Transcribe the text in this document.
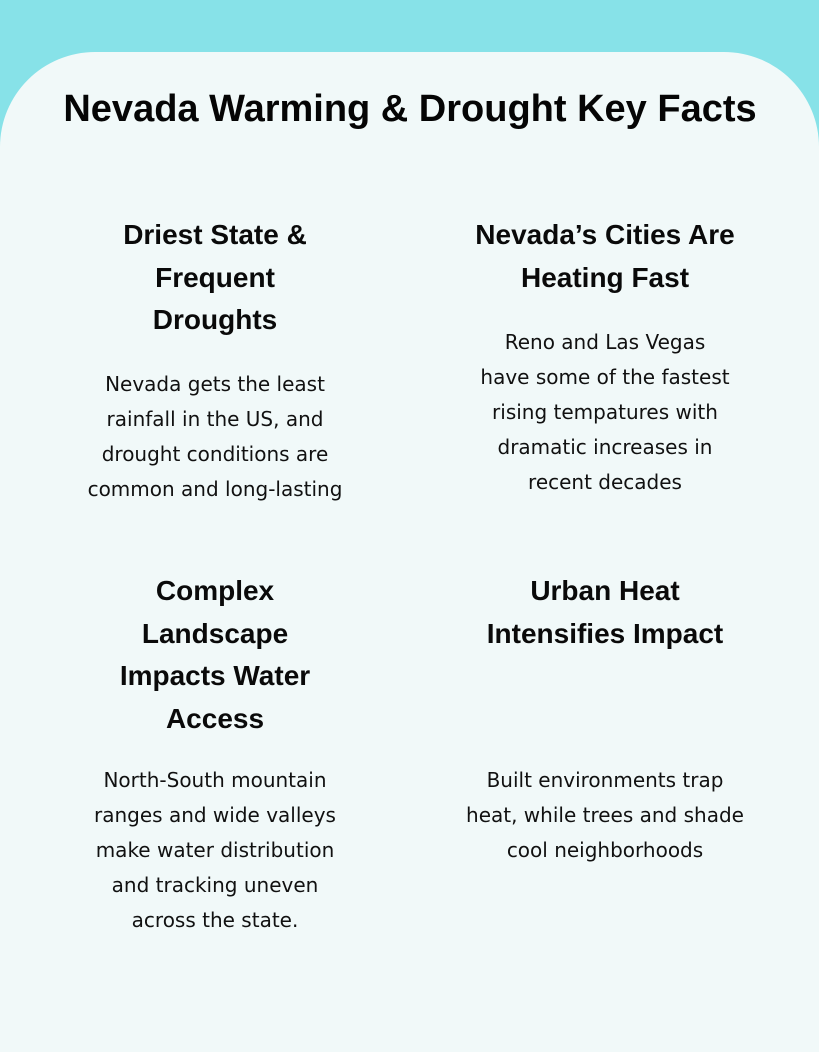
Nevada Warming & Drought Key Facts
Driest State & Frequent Droughts

Nevada gets the least rainfall in the US, and drought conditions are common and long-lasting

Nevada’s Cities Are Heating Fast

Reno and Las Vegas have some of the fastest rising tempatures with dramatic increases in recent decades

Complex Landscape Impacts Water Access

North-South mountain ranges and wide valleys make water distribution and tracking uneven across the state.

Urban Heat Intensifies Impact

Built environments trap heat, while trees and shade cool neighborhoods
